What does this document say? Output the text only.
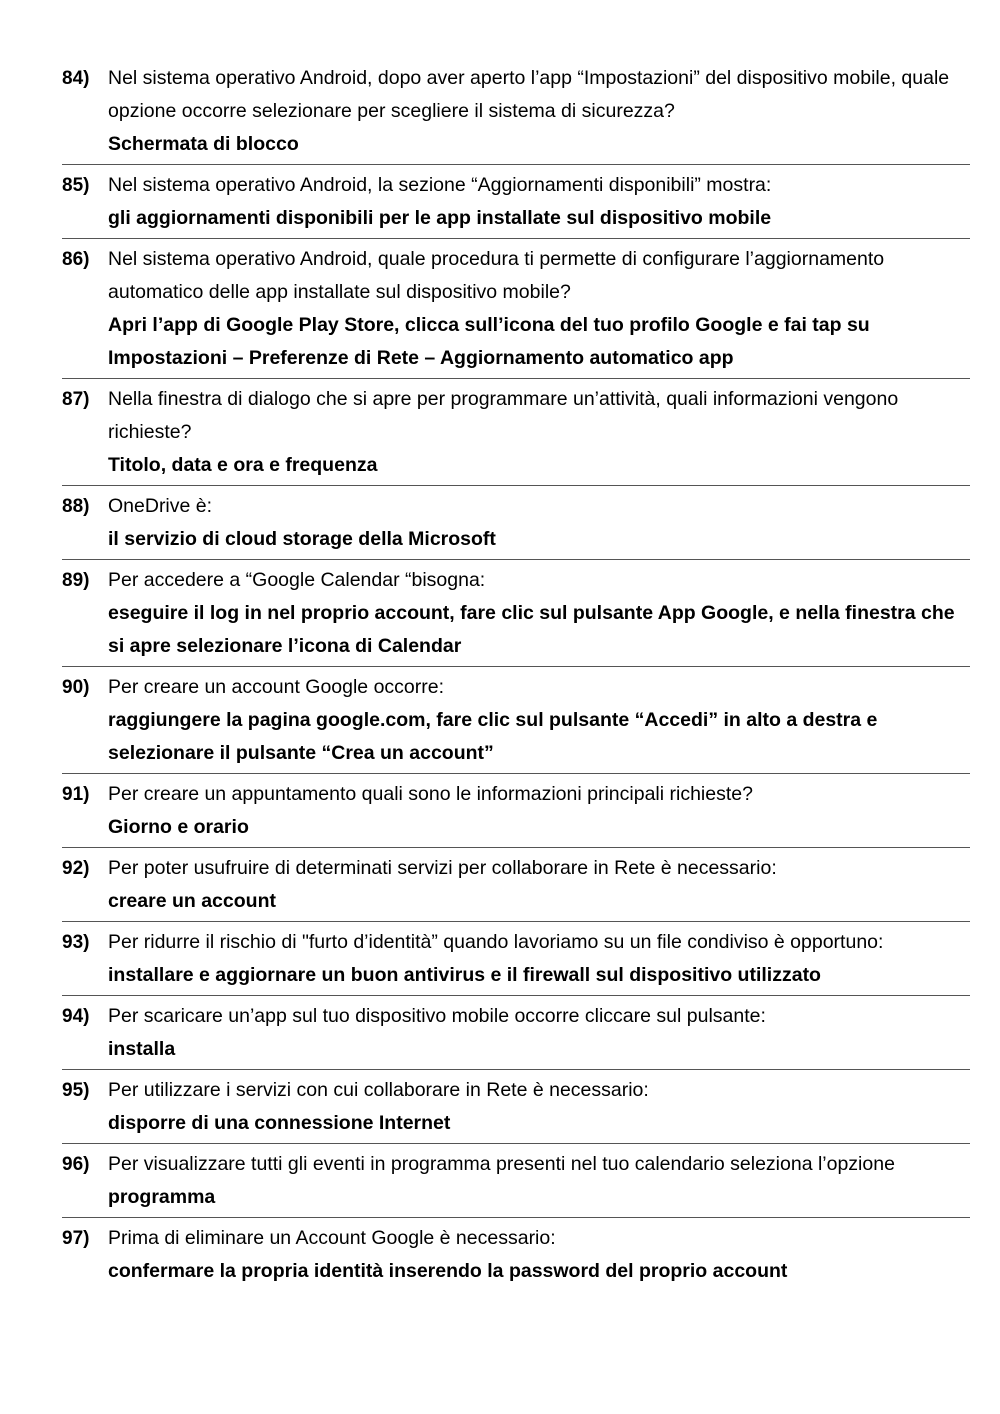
84) Nel sistema operativo Android, dopo aver aperto l’app “Impostazioni” del dispositivo mobile, quale opzione occorre selezionare per scegliere il sistema di sicurezza?
Schermata di blocco
85) Nel sistema operativo Android, la sezione “Aggiornamenti disponibili” mostra:
gli aggiornamenti disponibili per le app installate sul dispositivo mobile
86) Nel sistema operativo Android, quale procedura ti permette di configurare l’aggiornamento automatico delle app installate sul dispositivo mobile?
Apri l’app di Google Play Store, clicca sull’icona del tuo profilo Google e fai tap su Impostazioni – Preferenze di Rete – Aggiornamento automatico app
87) Nella finestra di dialogo che si apre per programmare un’attività, quali informazioni vengono richieste?
Titolo, data e ora e frequenza
88) OneDrive è:
il servizio di cloud storage della Microsoft
89) Per accedere a “Google Calendar “bisogna:
eseguire il log in nel proprio account, fare clic sul pulsante App Google, e nella finestra che si apre selezionare l’icona di Calendar
90) Per creare un account Google occorre:
raggiungere la pagina google.com, fare clic sul pulsante “Accedi” in alto a destra e selezionare il pulsante “Crea un account”
91) Per creare un appuntamento quali sono le informazioni principali richieste?
Giorno e orario
92) Per poter usufruire di determinati servizi per collaborare in Rete è necessario:
creare un account
93) Per ridurre il rischio di "furto d’identità” quando lavoriamo su un file condiviso è opportuno:
installare e aggiornare un buon antivirus e il firewall sul dispositivo utilizzato
94) Per scaricare un’app sul tuo dispositivo mobile occorre cliccare sul pulsante:
installa
95) Per utilizzare i servizi con cui collaborare in Rete è necessario:
disporre di una connessione Internet
96) Per visualizzare tutti gli eventi in programma presenti nel tuo calendario seleziona l’opzione
programma
97) Prima di eliminare un Account Google è necessario:
confermare la propria identità inserendo la password del proprio account
